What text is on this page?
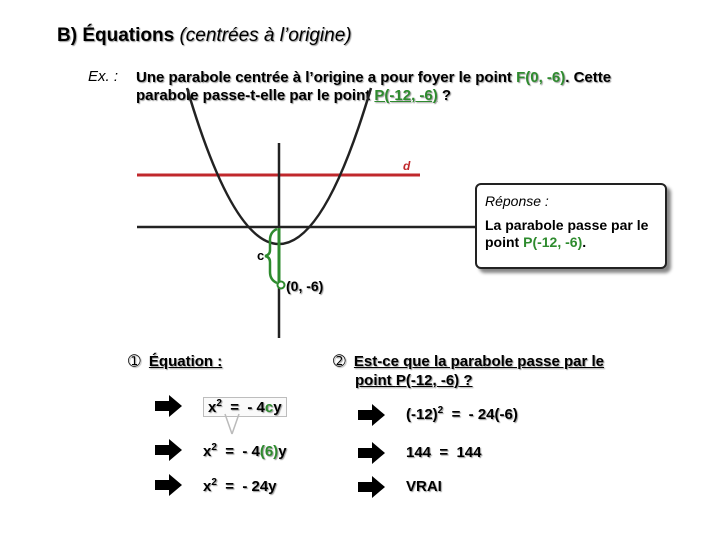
B) Équations (centrées à l’origine)
Ex. : Une parabole centrée à l’origine a pour foyer le point F(0, -6). Cette
parabole passe-t-elle par le point P(-12, -6) ?
d
c
(0, -6)
Réponse :
La parabole passe par le point P(-12, -6).
➀ Équation :	➁ Est-ce que la parabole passe par le
point P(-12, -6) ?
$x^2$  =  - 4cy
$x^2$  =  - 4(6)y
$x^2$  =  - 24y
$(-12)^2$  =  - 24(-6)
144  =  144
VRAI
